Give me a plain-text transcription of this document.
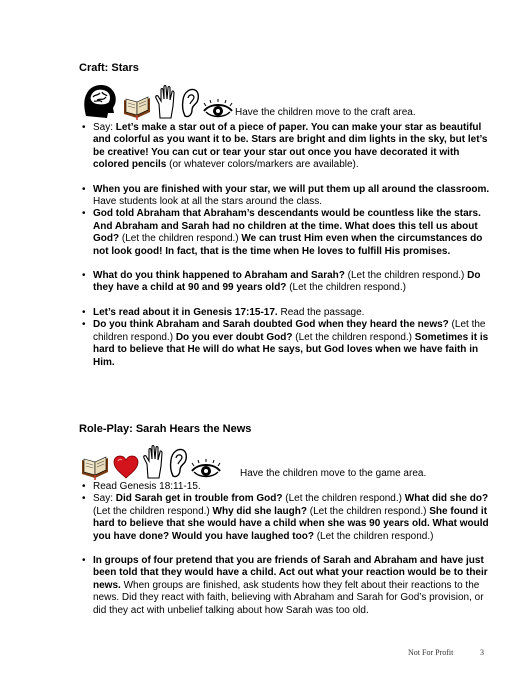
Craft: Stars
Have the children move to the craft area.
• Say: Let’s make a star out of a piece of paper. You can make your star as beautiful and colorful as you want it to be. Stars are bright and dim lights in the sky, but let’s be creative! You can cut or tear your star out once you have decorated it with colored pencils (or whatever colors/markers are available).
• When you are finished with your star, we will put them up all around the classroom. Have students look at all the stars around the class.
• God told Abraham that Abraham’s descendants would be countless like the stars. And Abraham and Sarah had no children at the time. What does this tell us about God? (Let the children respond.) We can trust Him even when the circumstances do not look good! In fact, that is the time when He loves to fulfill His promises.
• What do you think happened to Abraham and Sarah? (Let the children respond.) Do they have a child at 90 and 99 years old? (Let the children respond.)
• Let’s read about it in Genesis 17:15-17. Read the passage.
• Do you think Abraham and Sarah doubted God when they heard the news? (Let the children respond.) Do you ever doubt God? (Let the children respond.) Sometimes it is hard to believe that He will do what He says, but God loves when we have faith in Him.
Role-Play: Sarah Hears the News
Have the children move to the game area.
• Read Genesis 18:11-15.
• Say: Did Sarah get in trouble from God? (Let the children respond.) What did she do? (Let the children respond.) Why did she laugh? (Let the children respond.) She found it hard to believe that she would have a child when she was 90 years old. What would you have done? Would you have laughed too? (Let the children respond.)
• In groups of four pretend that you are friends of Sarah and Abraham and have just been told that they would have a child. Act out what your reaction would be to their news. When groups are finished, ask students how they felt about their reactions to the news. Did they react with faith, believing with Abraham and Sarah for God’s provision, or did they act with unbelief talking about how Sarah was too old.
Not For Profit	3
